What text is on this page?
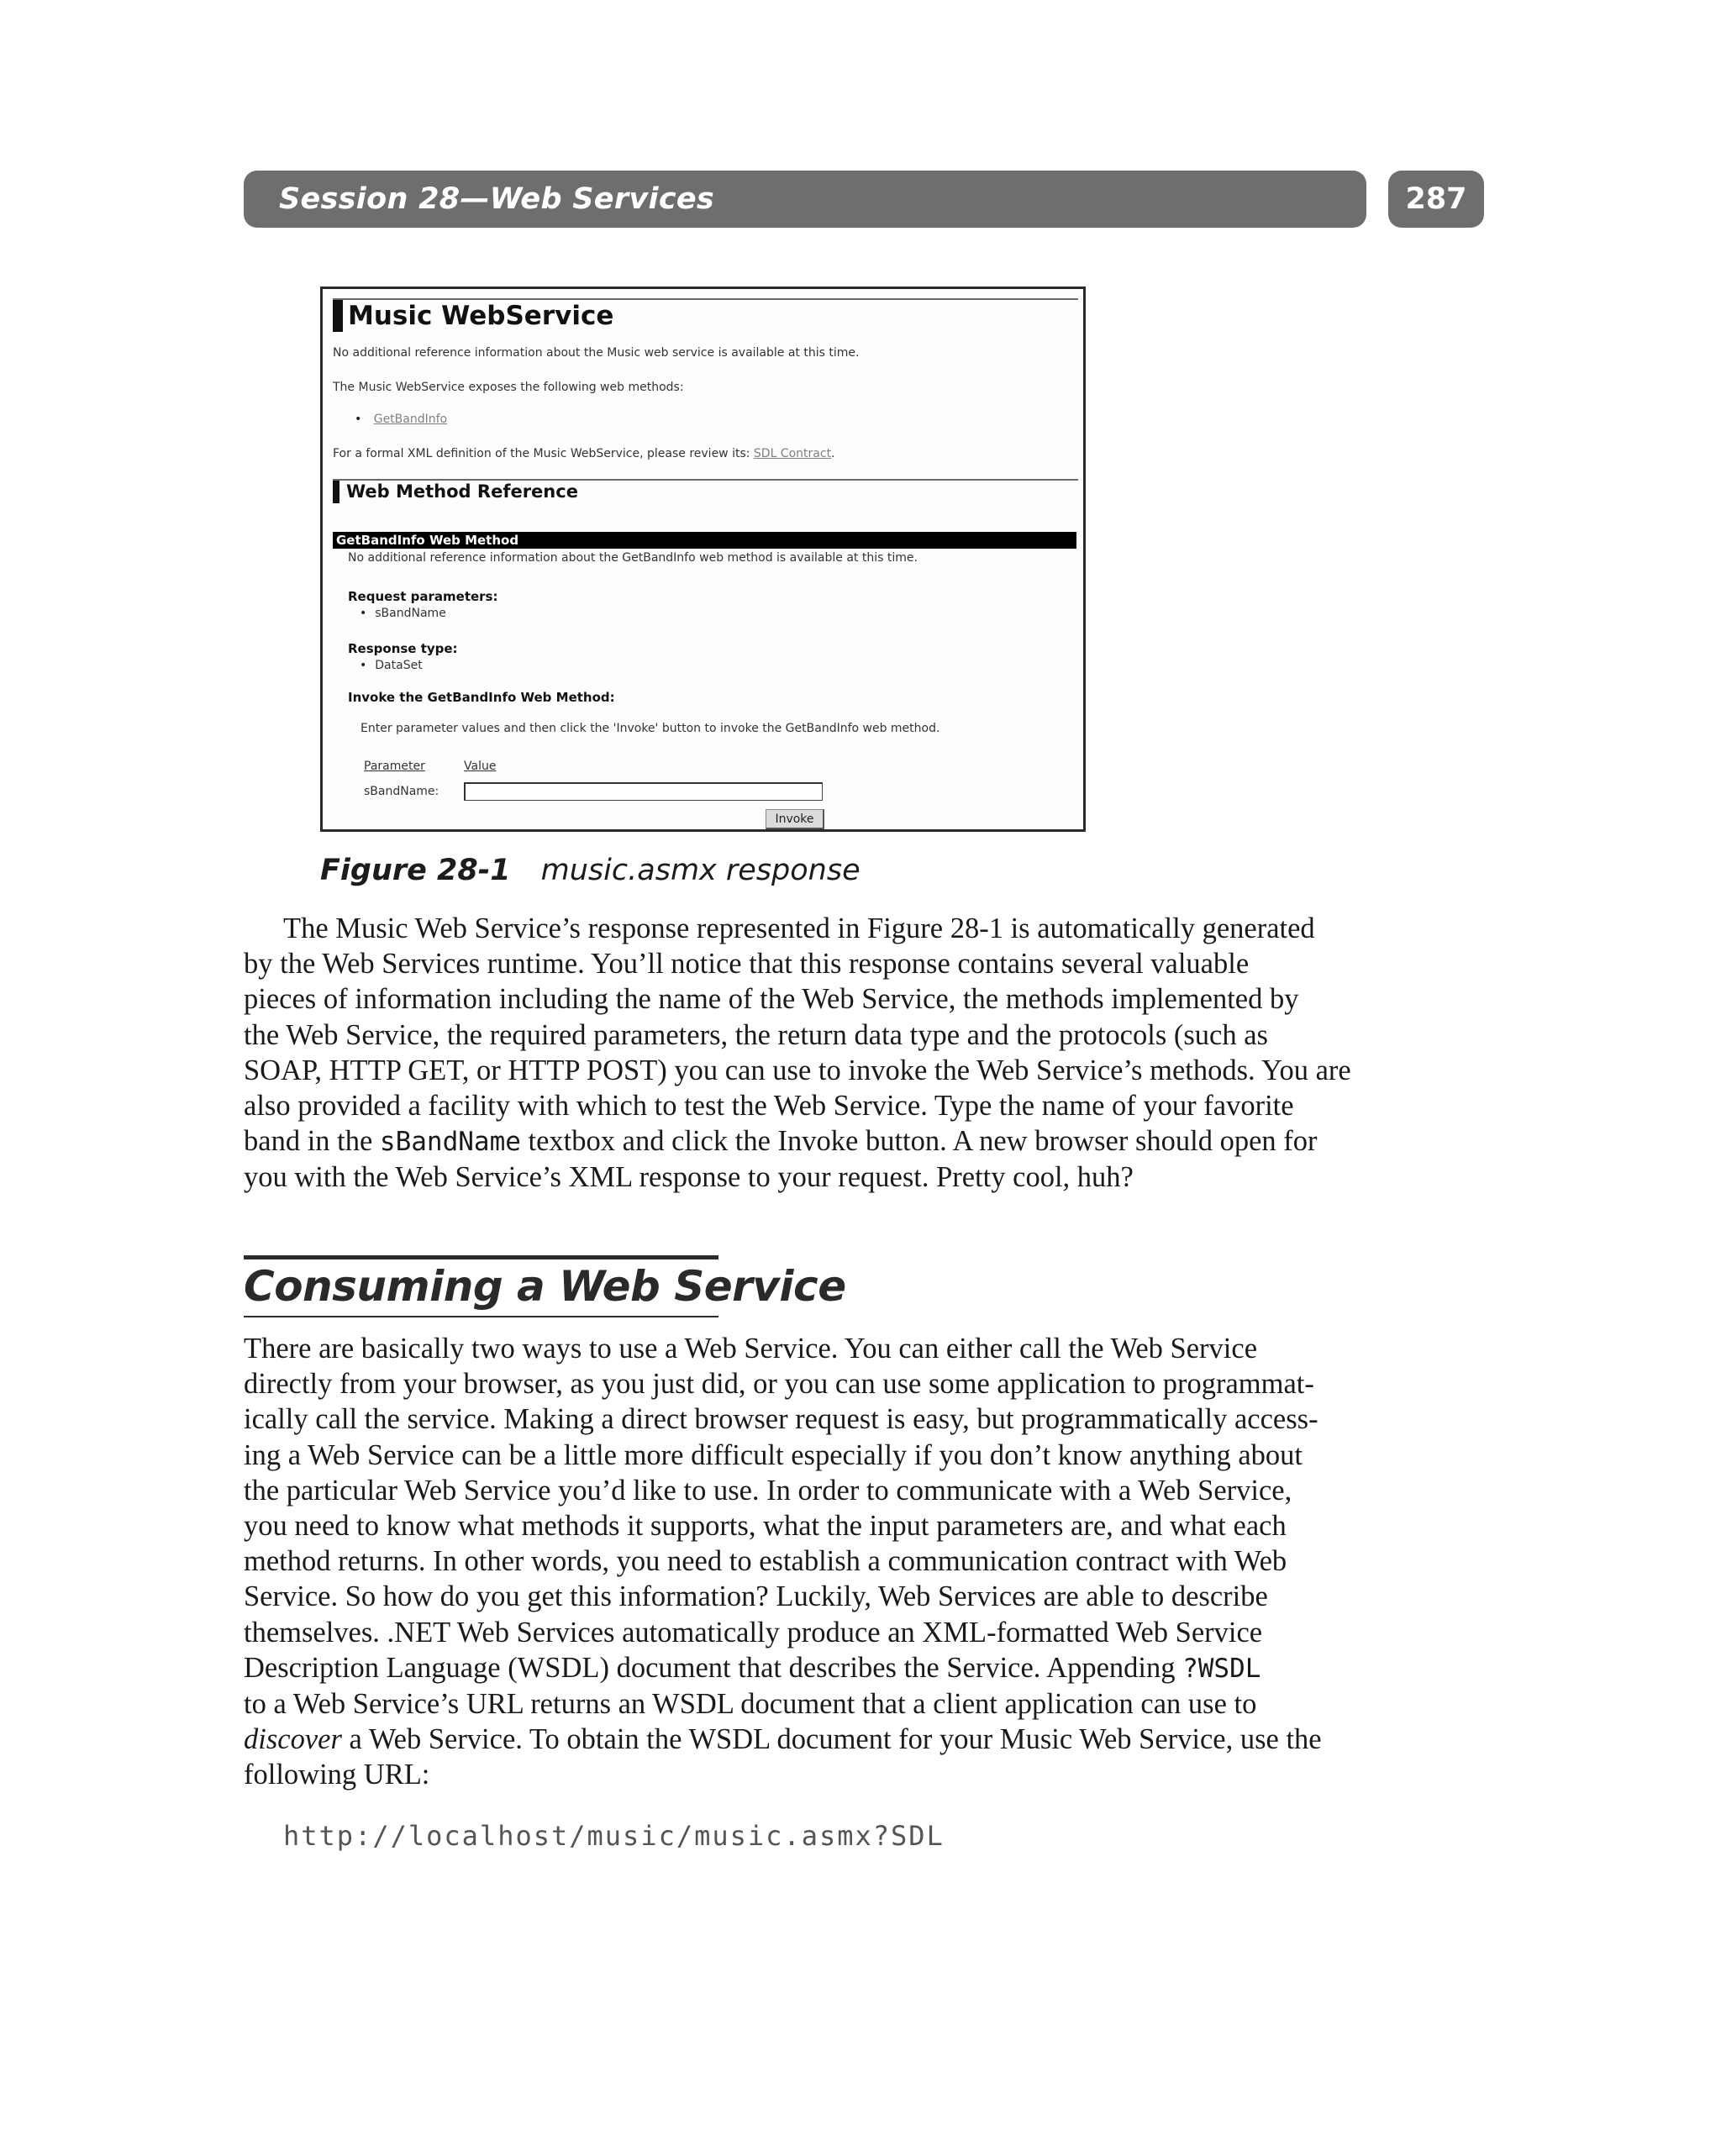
Session 28—Web Services	287
Music WebService
No additional reference information about the Music web service is available at this time.
The Music WebService exposes the following web methods:
• GetBandInfo
For a formal XML definition of the Music WebService, please review its: SDL Contract.
Web Method Reference
GetBandInfo Web Method
No additional reference information about the GetBandInfo web method is available at this time.
Request parameters:
• sBandName
Response type:
• DataSet
Invoke the GetBandInfo Web Method:
Enter parameter values and then click the 'Invoke' button to invoke the GetBandInfo web method.
Parameter	Value
sBandName:
Invoke
Figure 28-1 music.asmx response
The Music Web Service’s response represented in Figure 28-1 is automatically generated
by the Web Services runtime. You’ll notice that this response contains several valuable
pieces of information including the name of the Web Service, the methods implemented by
the Web Service, the required parameters, the return data type and the protocols (such as
SOAP, HTTP GET, or HTTP POST) you can use to invoke the Web Service’s methods. You are
also provided a facility with which to test the Web Service. Type the name of your favorite
band in the sBandName textbox and click the Invoke button. A new browser should open for
you with the Web Service’s XML response to your request. Pretty cool, huh?
Consuming a Web Service
There are basically two ways to use a Web Service. You can either call the Web Service
directly from your browser, as you just did, or you can use some application to programmat-
ically call the service. Making a direct browser request is easy, but programmatically access-
ing a Web Service can be a little more difficult especially if you don’t know anything about
the particular Web Service you’d like to use. In order to communicate with a Web Service,
you need to know what methods it supports, what the input parameters are, and what each
method returns. In other words, you need to establish a communication contract with Web
Service. So how do you get this information? Luckily, Web Services are able to describe
themselves. .NET Web Services automatically produce an XML-formatted Web Service
Description Language (WSDL) document that describes the Service. Appending ?WSDL
to a Web Service’s URL returns an WSDL document that a client application can use to
discover a Web Service. To obtain the WSDL document for your Music Web Service, use the
following URL:
http://localhost/music/music.asmx?SDL
